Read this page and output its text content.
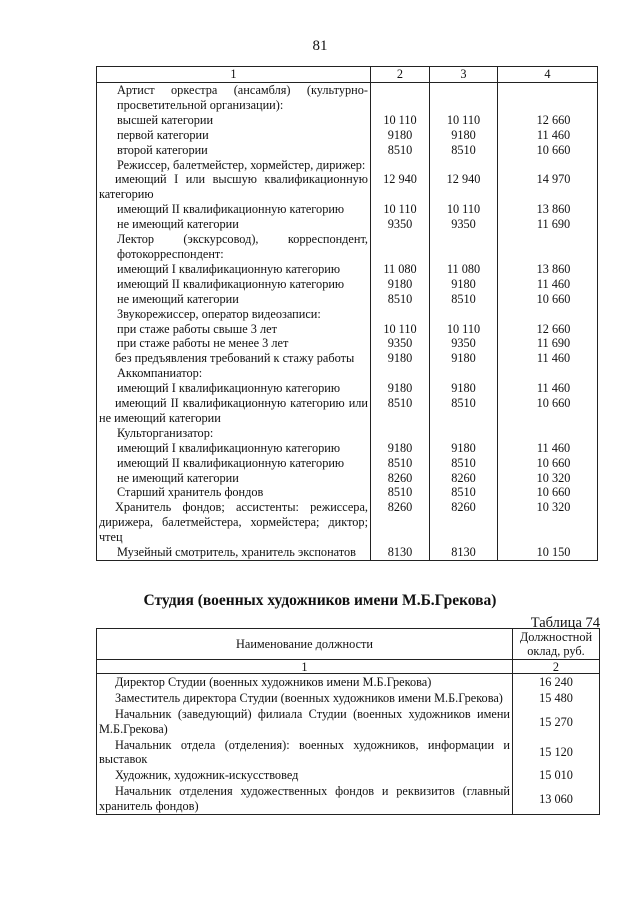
81
1	2	3	4
Артист оркестра (ансамбля) (культурно-просветительной организации):			
высшей категории	10 110	10 110	12 660
первой категории	9180	9180	11 460
второй категории	8510	8510	10 660
Режиссер, балетмейстер, хормейстер, дирижер:			
имеющий I или высшую квалификационную категорию	12 940	12 940	14 970
имеющий II квалификационную категорию	10 110	10 110	13 860
не имеющий категории	9350	9350	11 690
Лектор (экскурсовод), корреспондент, фотокорреспондент:			
имеющий I квалификационную категорию	11 080	11 080	13 860
имеющий II квалификационную категорию	9180	9180	11 460
не имеющий категории	8510	8510	10 660
Звукорежиссер, оператор видеозаписи:			
при стаже работы свыше 3 лет	10 110	10 110	12 660
при стаже работы не менее 3 лет	9350	9350	11 690
без предъявления требований к стажу работы	9180	9180	11 460
Аккомпаниатор:			
имеющий I квалификационную категорию	9180	9180	11 460
имеющий II квалификационную категорию или не имеющий категории	8510	8510	10 660
Культорганизатор:			
имеющий I квалификационную категорию	9180	9180	11 460
имеющий II квалификационную категорию	8510	8510	10 660
не имеющий категории	8260	8260	10 320
Старший хранитель фондов	8510	8510	10 660
Хранитель фондов; ассистенты: режиссера, дирижера, балетмейстера, хормейстера; диктор; чтец	8260	8260	10 320
Музейный смотритель, хранитель экспонатов	8130	8130	10 150
Студия (военных художников имени М.Б.Грекова)
Таблица 74
Наименование должности	Должностной оклад, руб.
1	2
Директор Студии (военных художников имени М.Б.Грекова)	16 240
Заместитель директора Студии (военных художников имени М.Б.Грекова)	15 480
Начальник (заведующий) филиала Студии (военных художников имени М.Б.Грекова)	15 270
Начальник отдела (отделения): военных художников, информации и выставок	15 120
Художник, художник-искусствовед	15 010
Начальник отделения художественных фондов и реквизитов (главный хранитель фондов)	13 060
